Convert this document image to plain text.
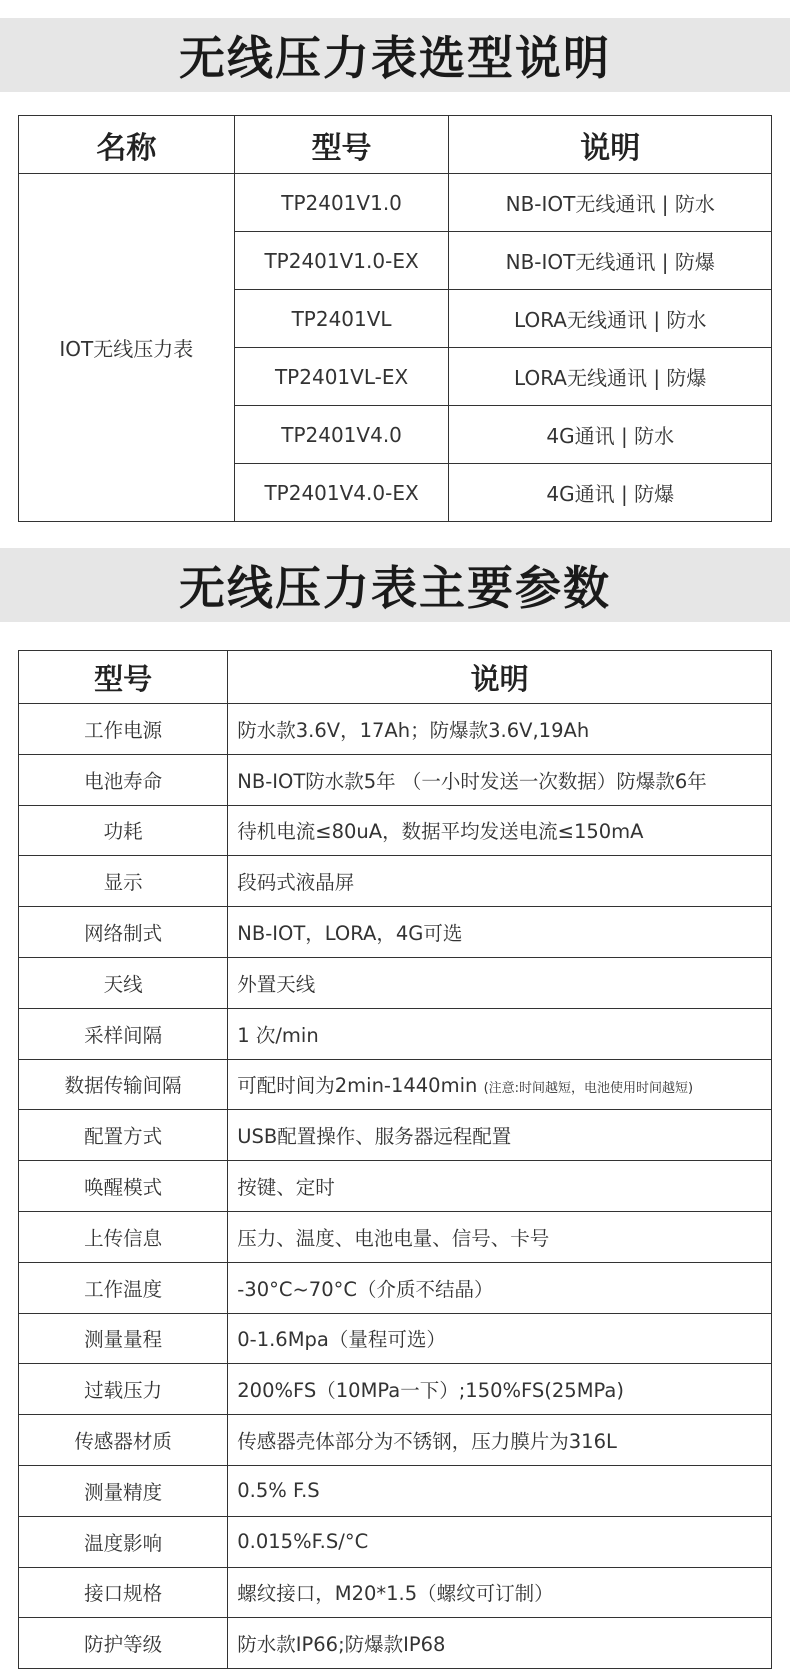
无线压力表选型说明
名称	型号	说明
IOT无线压力表	TP2401V1.0	NB-IOT无线通讯 | 防水
	TP2401V1.0-EX	NB-IOT无线通讯 | 防爆
	TP2401VL	LORA无线通讯 | 防水
	TP2401VL-EX	LORA无线通讯 | 防爆
	TP2401V4.0	4G通讯 | 防水
	TP2401V4.0-EX	4G通讯 | 防爆
无线压力表主要参数
型号	说明
工作电源	防水款3.6V，17Ah；防爆款3.6V,19Ah
电池寿命	NB-IOT防水款5年 （一小时发送一次数据）防爆款6年
功耗	待机电流≤80uA，数据平均发送电流≤150mA
显示	段码式液晶屏
网络制式	NB-IOT，LORA，4G可选
天线	外置天线
采样间隔	1 次/min
数据传输间隔	可配时间为2min-1440min (注意:时间越短，电池使用时间越短)
配置方式	USB配置操作、服务器远程配置
唤醒模式	按键、定时
上传信息	压力、温度、电池电量、信号、卡号
工作温度	-30°C~70°C（介质不结晶）
测量量程	0-1.6Mpa（量程可选）
过载压力	200%FS（10MPa一下）;150%FS(25MPa)
传感器材质	传感器壳体部分为不锈钢，压力膜片为316L
测量精度	0.5% F.S
温度影响	0.015%F.S/°C
接口规格	螺纹接口，M20*1.5（螺纹可订制）
防护等级	防水款IP66;防爆款IP68
